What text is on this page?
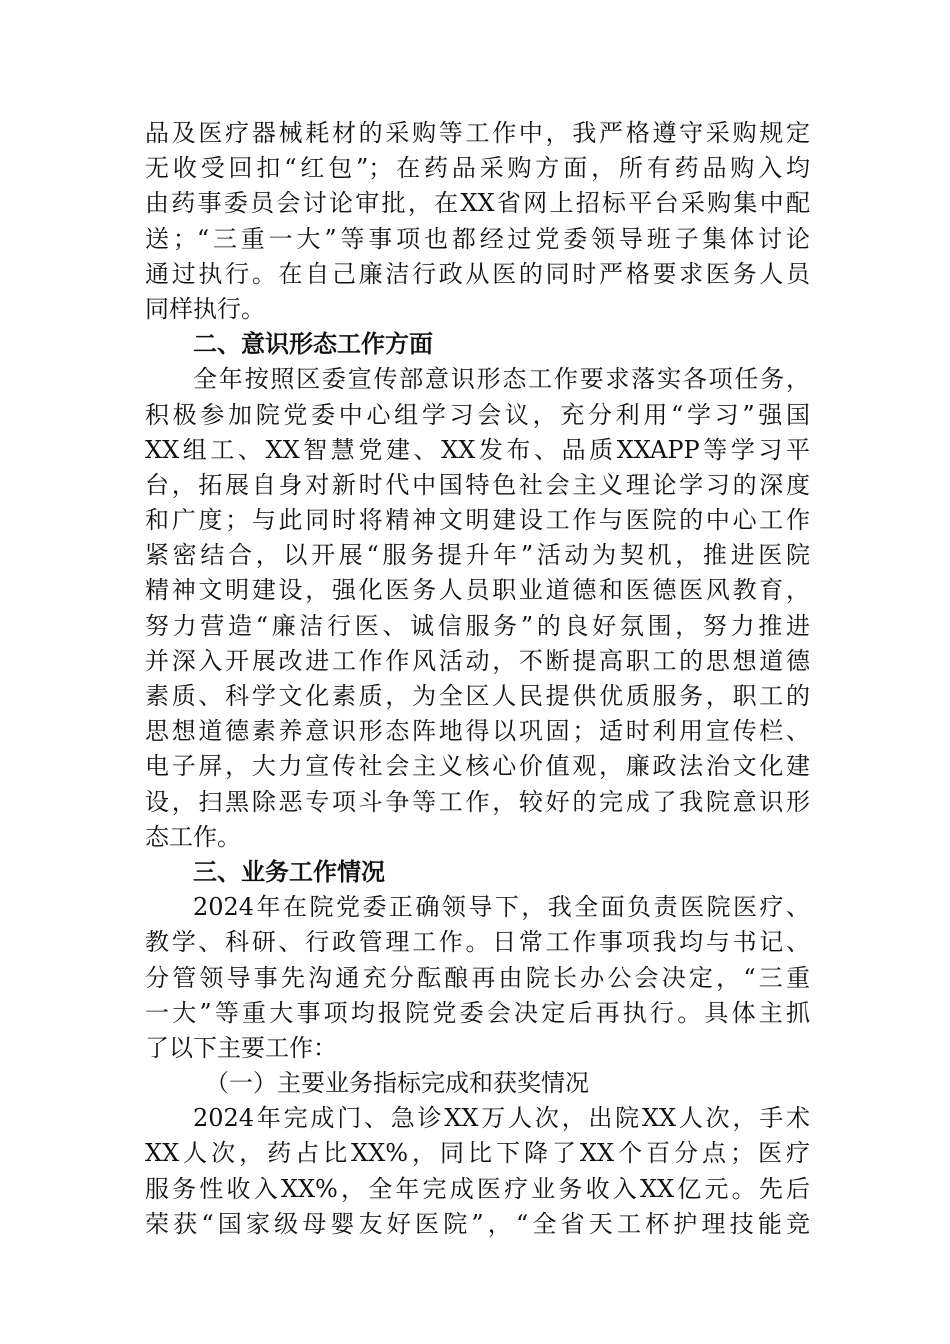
品及医疗器械耗材的采购等工作中，我严格遵守采购规定
无收受回扣“红包”；在药品采购方面，所有药品购入均
由药事委员会讨论审批，在XX省网上招标平台采购集中配
送；“三重一大”等事项也都经过党委领导班子集体讨论
通过执行。在自己廉洁行政从医的同时严格要求医务人员
同样执行。
二、意识形态工作方面
全年按照区委宣传部意识形态工作要求落实各项任务，
积极参加院党委中心组学习会议，充分利用“学习”强国
XX组工、XX智慧党建、XX发布、品质XXAPP等学习平
台，拓展自身对新时代中国特色社会主义理论学习的深度
和广度；与此同时将精神文明建设工作与医院的中心工作
紧密结合，以开展“服务提升年”活动为契机，推进医院
精神文明建设，强化医务人员职业道德和医德医风教育，
努力营造“廉洁行医、诚信服务”的良好氛围，努力推进
并深入开展改进工作作风活动，不断提高职工的思想道德
素质、科学文化素质，为全区人民提供优质服务，职工的
思想道德素养意识形态阵地得以巩固；适时利用宣传栏、
电子屏，大力宣传社会主义核心价值观，廉政法治文化建
设，扫黑除恶专项斗争等工作，较好的完成了我院意识形
态工作。
三、业务工作情况
2024年在院党委正确领导下，我全面负责医院医疗、
教学、科研、行政管理工作。日常工作事项我均与书记、
分管领导事先沟通充分酝酿再由院长办公会决定，“三重
一大”等重大事项均报院党委会决定后再执行。具体主抓
了以下主要工作：
（一）主要业务指标完成和获奖情况
2024年完成门、急诊XX万人次，出院XX人次，手术
XX人次，药占比XX%，同比下降了XX个百分点；医疗
服务性收入XX%，全年完成医疗业务收入XX亿元。先后
荣获“国家级母婴友好医院”，“全省天工杯护理技能竞
